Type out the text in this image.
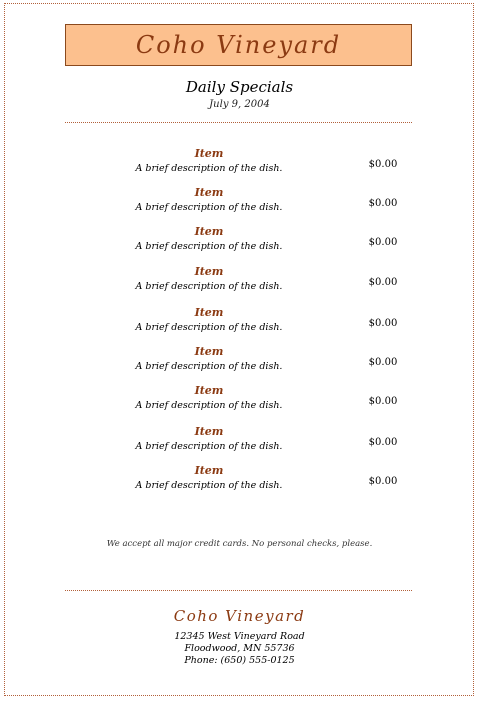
Coho Vineyard
Daily Specials
July 9, 2004
Item
A brief description of the dish.	$0.00
Item
A brief description of the dish.	$0.00
Item
A brief description of the dish.	$0.00
Item
A brief description of the dish.	$0.00
Item
A brief description of the dish.	$0.00
Item
A brief description of the dish.	$0.00
Item
A brief description of the dish.	$0.00
Item
A brief description of the dish.	$0.00
Item
A brief description of the dish.	$0.00
We accept all major credit cards. No personal checks, please.
Coho Vineyard
12345 West Vineyard Road
Floodwood, MN 55736
Phone: (650) 555-0125
